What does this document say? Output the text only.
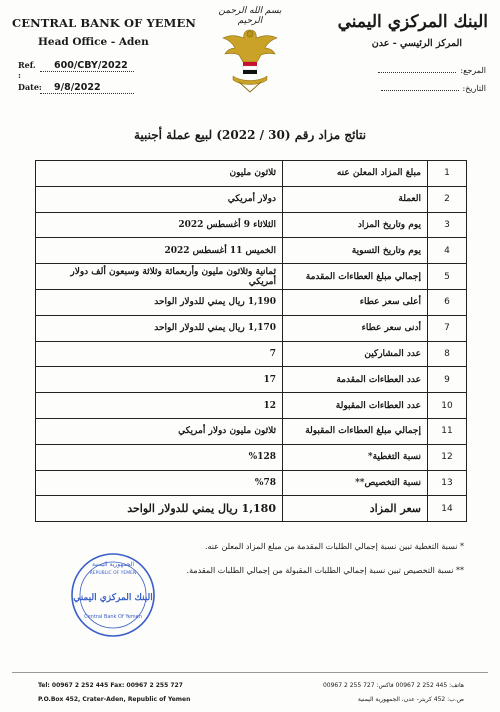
CENTRAL BANK OF YEMEN
Head Office - Aden
Ref. :
600/CBY/2022
Date:	9/8/2022
بسم الله الرحمن الرحيم	البنك المركزي اليمني
المركز الرئيسي - عدن
المرجع:
التاريخ:
نتائج مزاد رقم (30 / 2022) لبيع عملة أجنبية
1	مبلغ المزاد المعلن عنه	ثلاثون مليون
2	العملة	دولار أمريكي
3	يوم وتاريخ المزاد	الثلاثاء 9 أغسطس 2022
4	يوم وتاريخ التسوية	الخميس 11 أغسطس 2022
5	إجمالي مبلغ العطاءات المقدمة	ثمانية وثلاثون مليون وأربعمائة وثلاثة وسبعون ألف دولار أمريكي
6	أعلى سعر عطاء	1,190 ريال يمني للدولار الواحد
7	أدنى سعر عطاء	1,170 ريال يمني للدولار الواحد
8	عدد المشاركين	7
9	عدد العطاءات المقدمة	17
10	عدد العطاءات المقبولة	12
11	إجمالي مبلغ العطاءات المقبولة	ثلاثون مليون دولار أمريكي
12	نسبة التغطية*	%128
13	نسبة التخصيص**	%78
14	سعر المزاد	1,180 ريال يمني للدولار الواحد
* نسبة التغطية تبين نسبة إجمالي الطلبات المقدمة من مبلغ المزاد المعلن عنه.
** نسبة التخصيص تبين نسبة إجمالي الطلبات المقبولة من إجمالي الطلبات المقدمة.
الجمهورية اليمنية
REPUBLIC OF YEMEN
البنك المركزي اليمني
Central Bank Of Yemen
Tel: 00967 2 252 445 Fax: 00967 2 255 727
P.O.Box 452, Crater-Aden, Republic of Yemen
هاتف: 445 252 2 00967 فاكس: 727 255 2 00967
ص.ب: 452 كريتر- عدن، الجمهورية اليمنية
